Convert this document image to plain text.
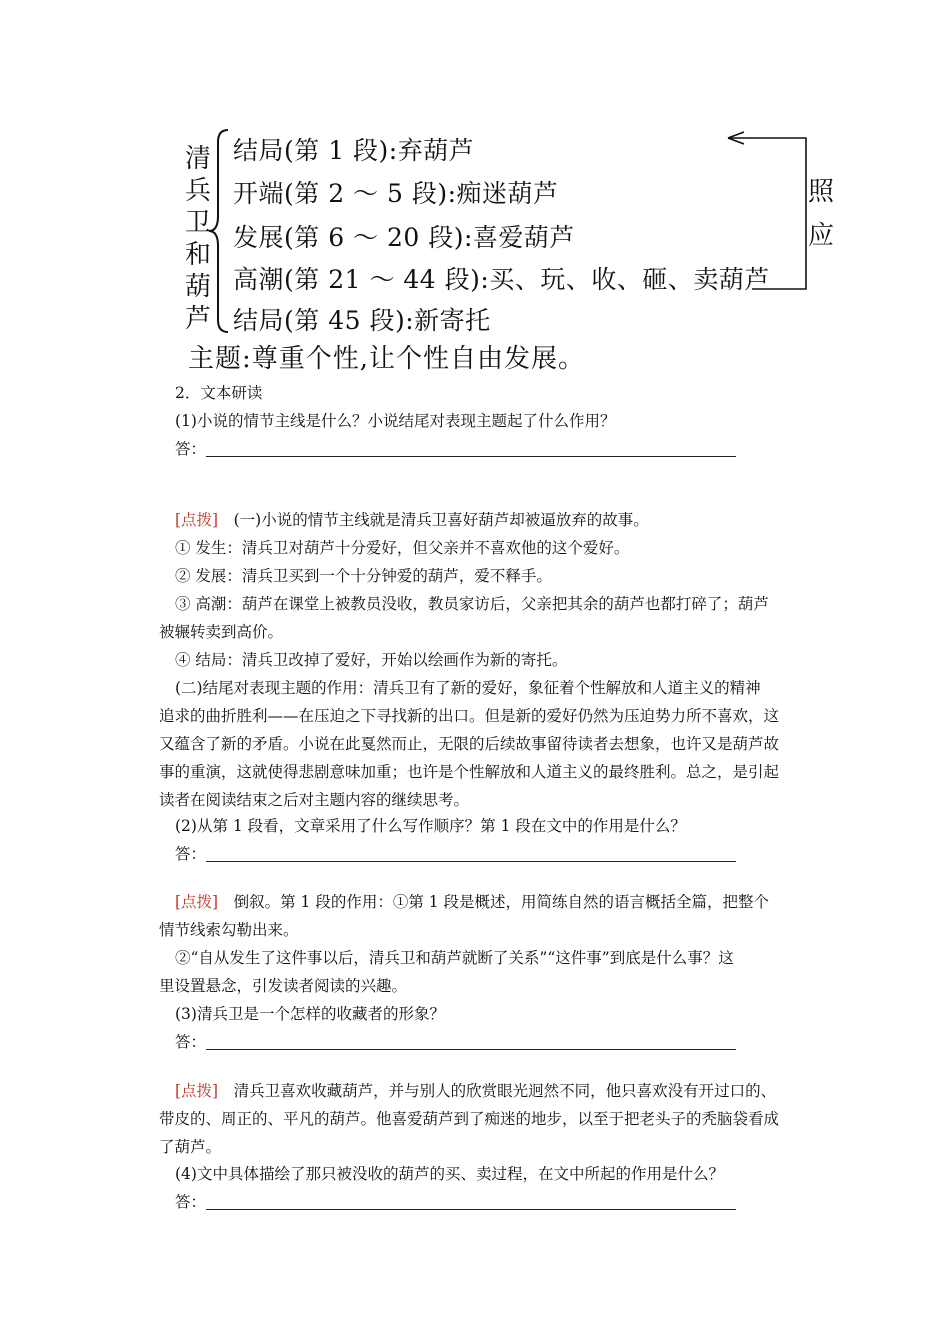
清
兵
卫
和
葫
芦
结局(第 1 段):弃葫芦
开端(第 2 ～ 5 段):痴迷葫芦
发展(第 6 ～ 20 段):喜爱葫芦
高潮(第 21 ～ 44 段):买、玩、收、砸、卖葫芦
结局(第 45 段):新寄托
照
应
主题:尊重个性,让个性自由发展。
2．文本研读
(1)小说的情节主线是什么？小说结尾对表现主题起了什么作用？
答：
[点拨]　 (一)小说的情节主线就是清兵卫喜好葫芦却被逼放弃的故事。
① 发生：清兵卫对葫芦十分爱好，但父亲并不喜欢他的这个爱好。
② 发展：清兵卫买到一个十分钟爱的葫芦，爱不释手。
③ 高潮：葫芦在课堂上被教员没收，教员家访后，父亲把其余的葫芦也都打碎了；葫芦
被辗转卖到高价。
④ 结局：清兵卫改掉了爱好，开始以绘画作为新的寄托。
(二)结尾对表现主题的作用：清兵卫有了新的爱好，象征着个性解放和人道主义的精神
追求的曲折胜利——在压迫之下寻找新的出口。但是新的爱好仍然为压迫势力所不喜欢，这
又蕴含了新的矛盾。小说在此戛然而止，无限的后续故事留待读者去想象，也许又是葫芦故
事的重演，这就使得悲剧意味加重；也许是个性解放和人道主义的最终胜利。总之，是引起
读者在阅读结束之后对主题内容的继续思考。
(2)从第 1 段看，文章采用了什么写作顺序？第 1 段在文中的作用是什么？
答：
[点拨]　 倒叙。第 1 段的作用：①第 1 段是概述，用简练自然的语言概括全篇，把整个
情节线索勾勒出来。
②“自从发生了这件事以后，清兵卫和葫芦就断了关系”“这件事”到底是什么事？这
里设置悬念，引发读者阅读的兴趣。
(3)清兵卫是一个怎样的收藏者的形象？
答：
[点拨]　 清兵卫喜欢收藏葫芦，并与别人的欣赏眼光迥然不同，他只喜欢没有开过口的、
带皮的、周正的、平凡的葫芦。他喜爱葫芦到了痴迷的地步，以至于把老头子的秃脑袋看成
了葫芦。
(4)文中具体描绘了那只被没收的葫芦的买、卖过程，在文中所起的作用是什么？
答：
